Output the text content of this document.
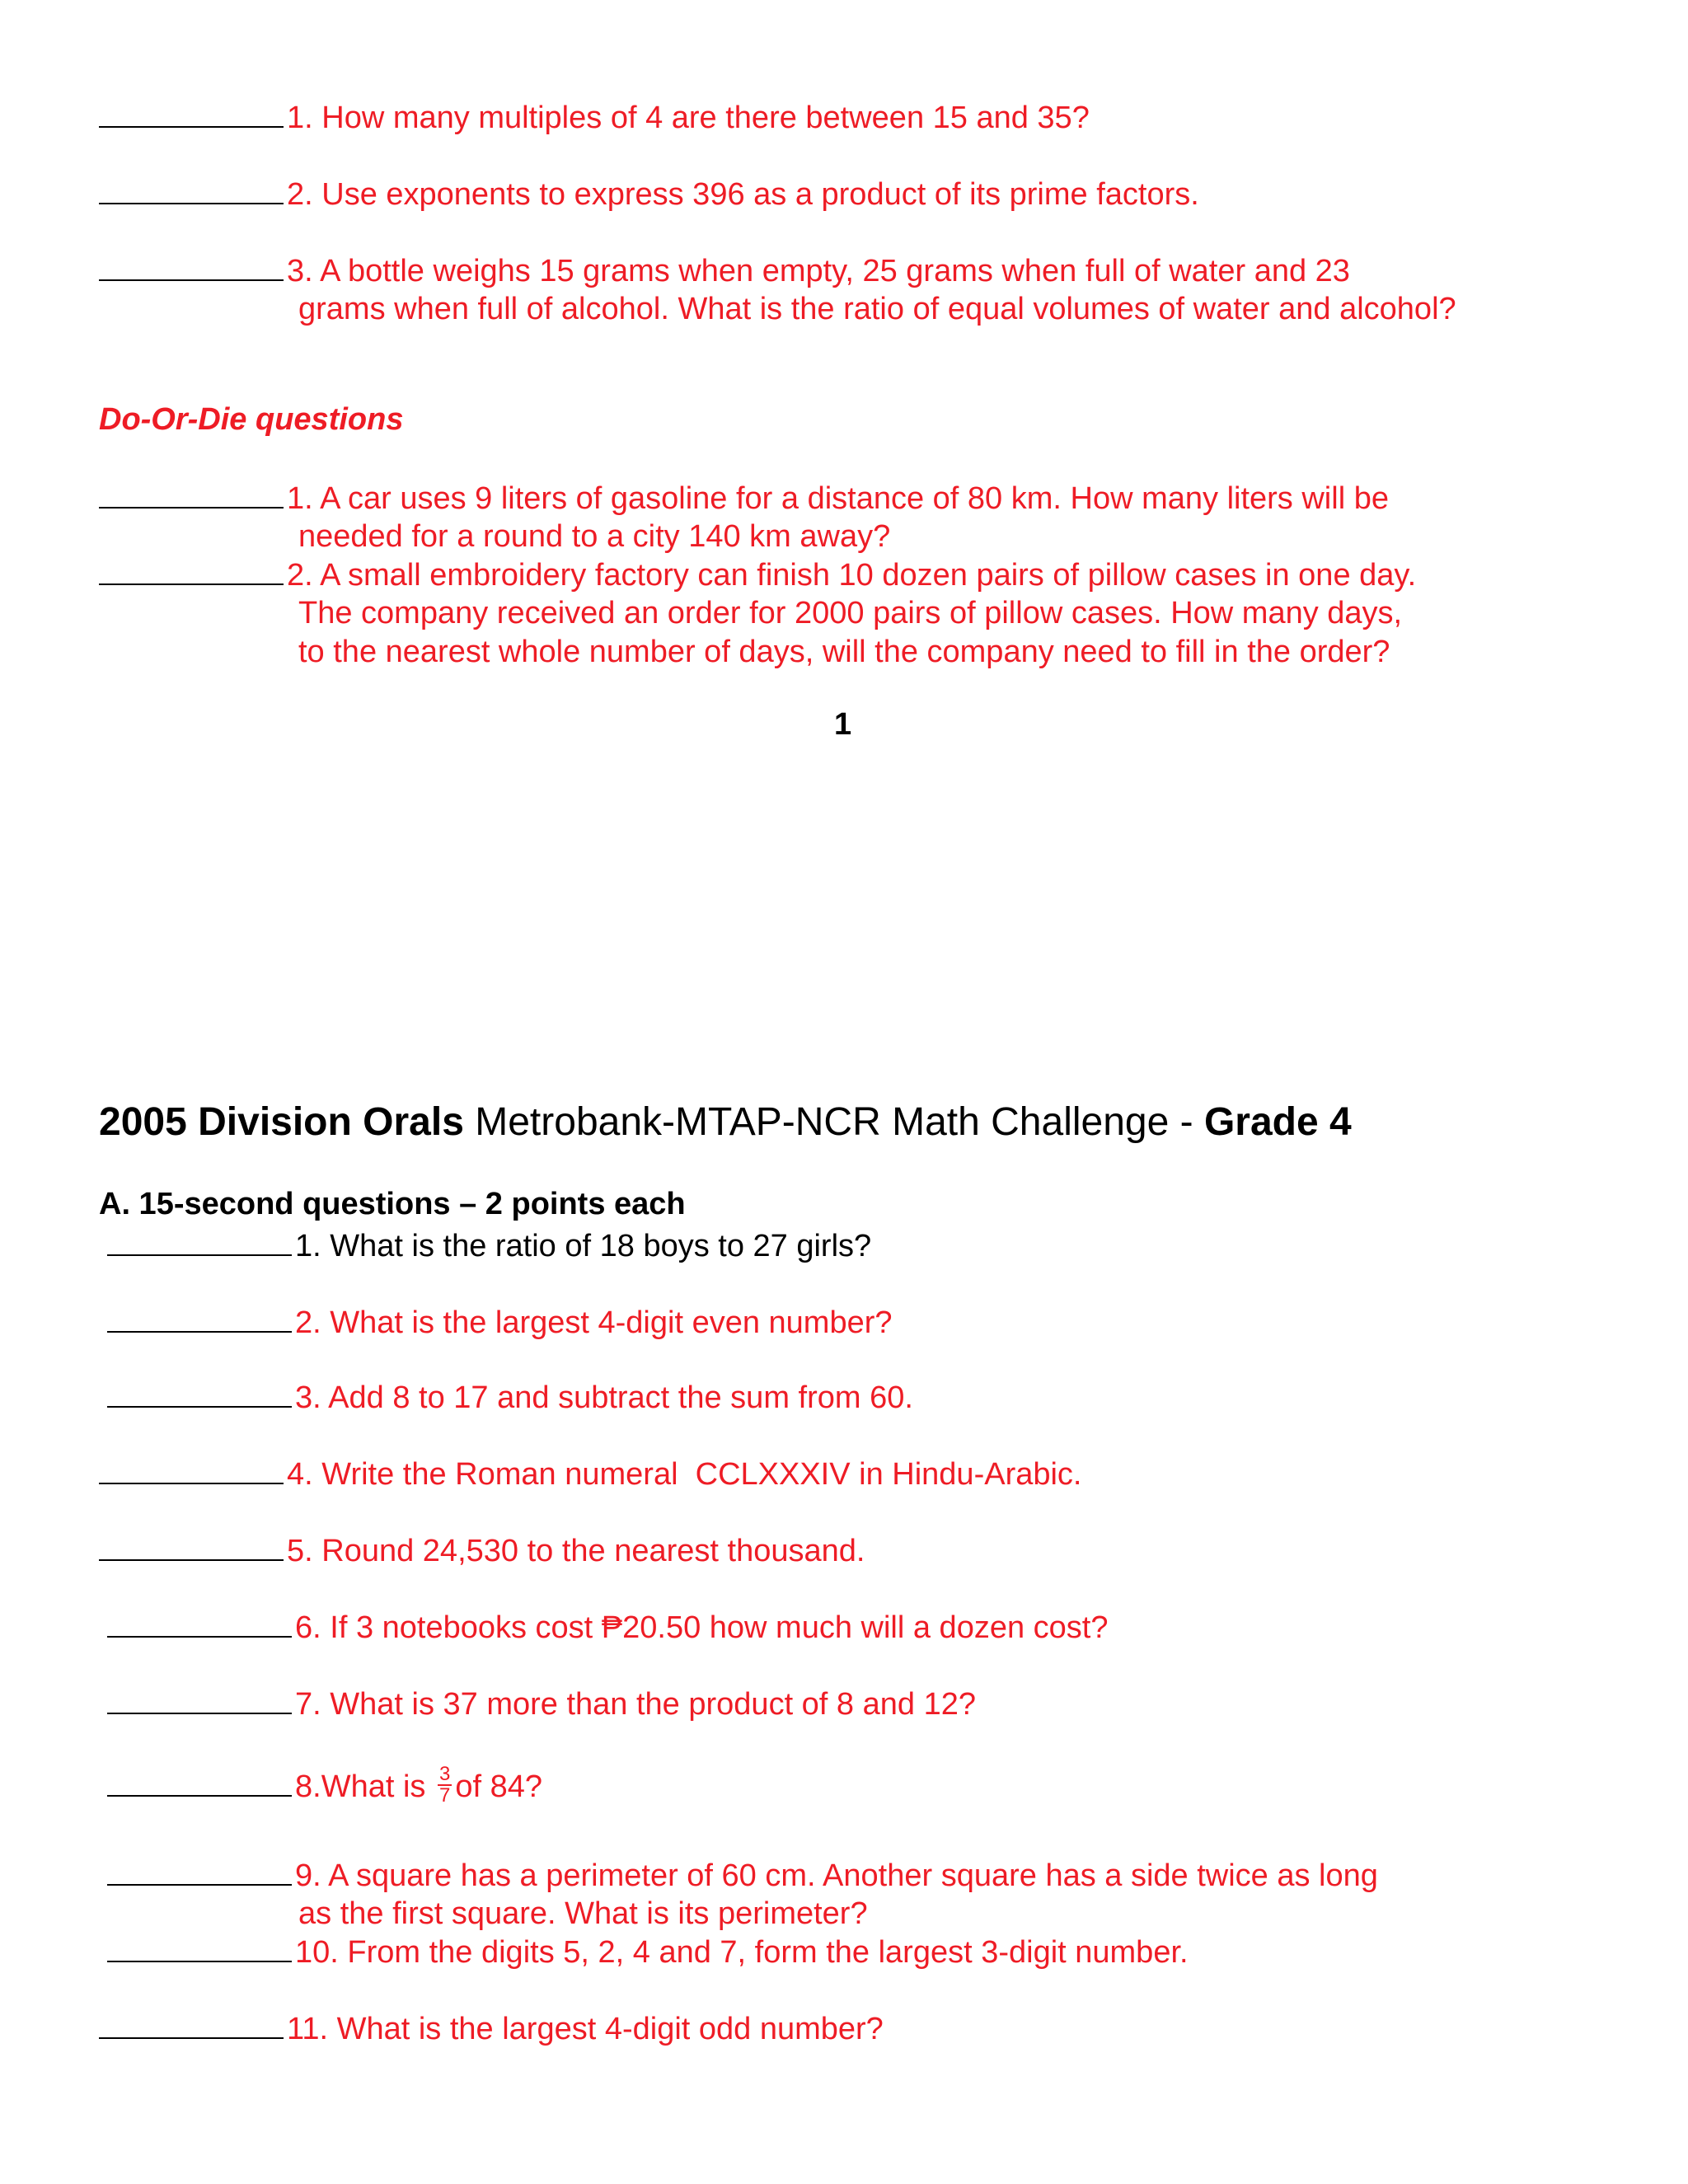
1. How many multiples of 4 are there between 15 and 35?
2. Use exponents to express 396 as a product of its prime factors.
3. A bottle weighs 15 grams when empty, 25 grams when full of water and 23
grams when full of alcohol. What is the ratio of equal volumes of water and alcohol?
Do-Or-Die questions
1. A car uses 9 liters of gasoline for a distance of 80 km. How many liters will be
needed for a round to a city 140 km away?
2. A small embroidery factory can finish 10 dozen pairs of pillow cases in one day.
The company received an order for 2000 pairs of pillow cases. How many days,
to the nearest whole number of days, will the company need to fill in the order?
1
2005 Division Orals Metrobank-MTAP-NCR Math Challenge - Grade 4
A. 15-second questions – 2 points each
1. What is the ratio of 18 boys to 27 girls?
2. What is the largest 4-digit even number?
3. Add 8 to 17 and subtract the sum from 60.
4. Write the Roman numeral  CCLXXXIV in Hindu-Arabic.
5. Round 24,530 to the nearest thousand.
6. If 3 notebooks cost ₱20.50 how much will a dozen cost?
7. What is 37 more than the product of 8 and 12?
8.What is $\frac{3}{7}$ of 84?
9. A square has a perimeter of 60 cm. Another square has a side twice as long
as the first square. What is its perimeter?
10. From the digits 5, 2, 4 and 7, form the largest 3-digit number.
11. What is the largest 4-digit odd number?
